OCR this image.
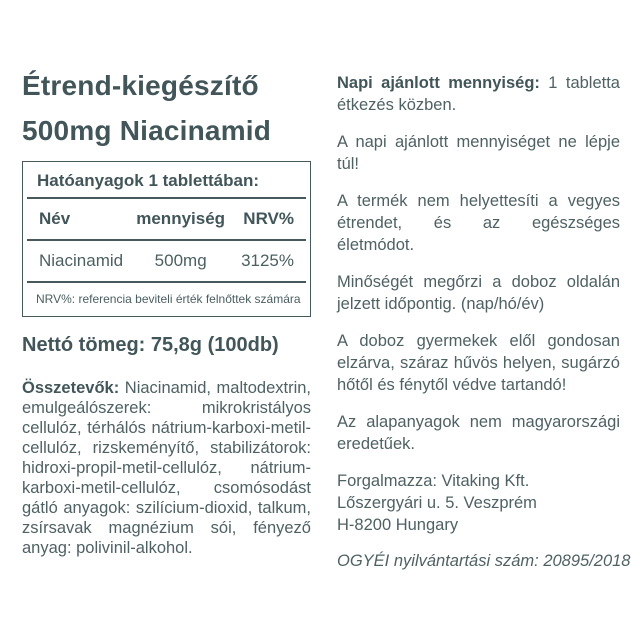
Étrend-kiegészítő
500mg Niacinamid
Hatóanyagok 1 tablettában:
Név	mennyiség	NRV%
Niacinamid	500mg	3125%
NRV%: referencia beviteli érték felnőttek számára
Nettó tömeg: 75,8g (100db)
Összetevők: Niacinamid, maltodextrin, emulgeálószerek: mikrokristályos cellulóz, térhálós nátrium-karboxi-metil-cellulóz, rizskeményítő, stabilizátorok: hidroxi-propil-metil-cellulóz, nátrium-karboxi-metil-cellulóz, csomósodást gátló anyagok: szilícium-dioxid, talkum, zsírsavak magnézium sói, fényező anyag: polivinil-alkohol.

Napi ajánlott mennyiség: 1 tabletta étkezés közben.

A napi ajánlott mennyiséget ne lépje túl!

A termék nem helyettesíti a vegyes étrendet, és az egészséges életmódot.

Minőségét megőrzi a doboz oldalán jelzett időpontig. (nap/hó/év)

A doboz gyermekek elől gondosan elzárva, száraz hűvös helyen, sugárzó hőtől és fénytől védve tartandó!

Az alapanyagok nem magyarországi eredetűek.

Forgalmazza: Vitaking Kft.
Lőszergyári u. 5. Veszprém
H-8200 Hungary
OGYÉI nyilvántartási szám: 20895/2018
